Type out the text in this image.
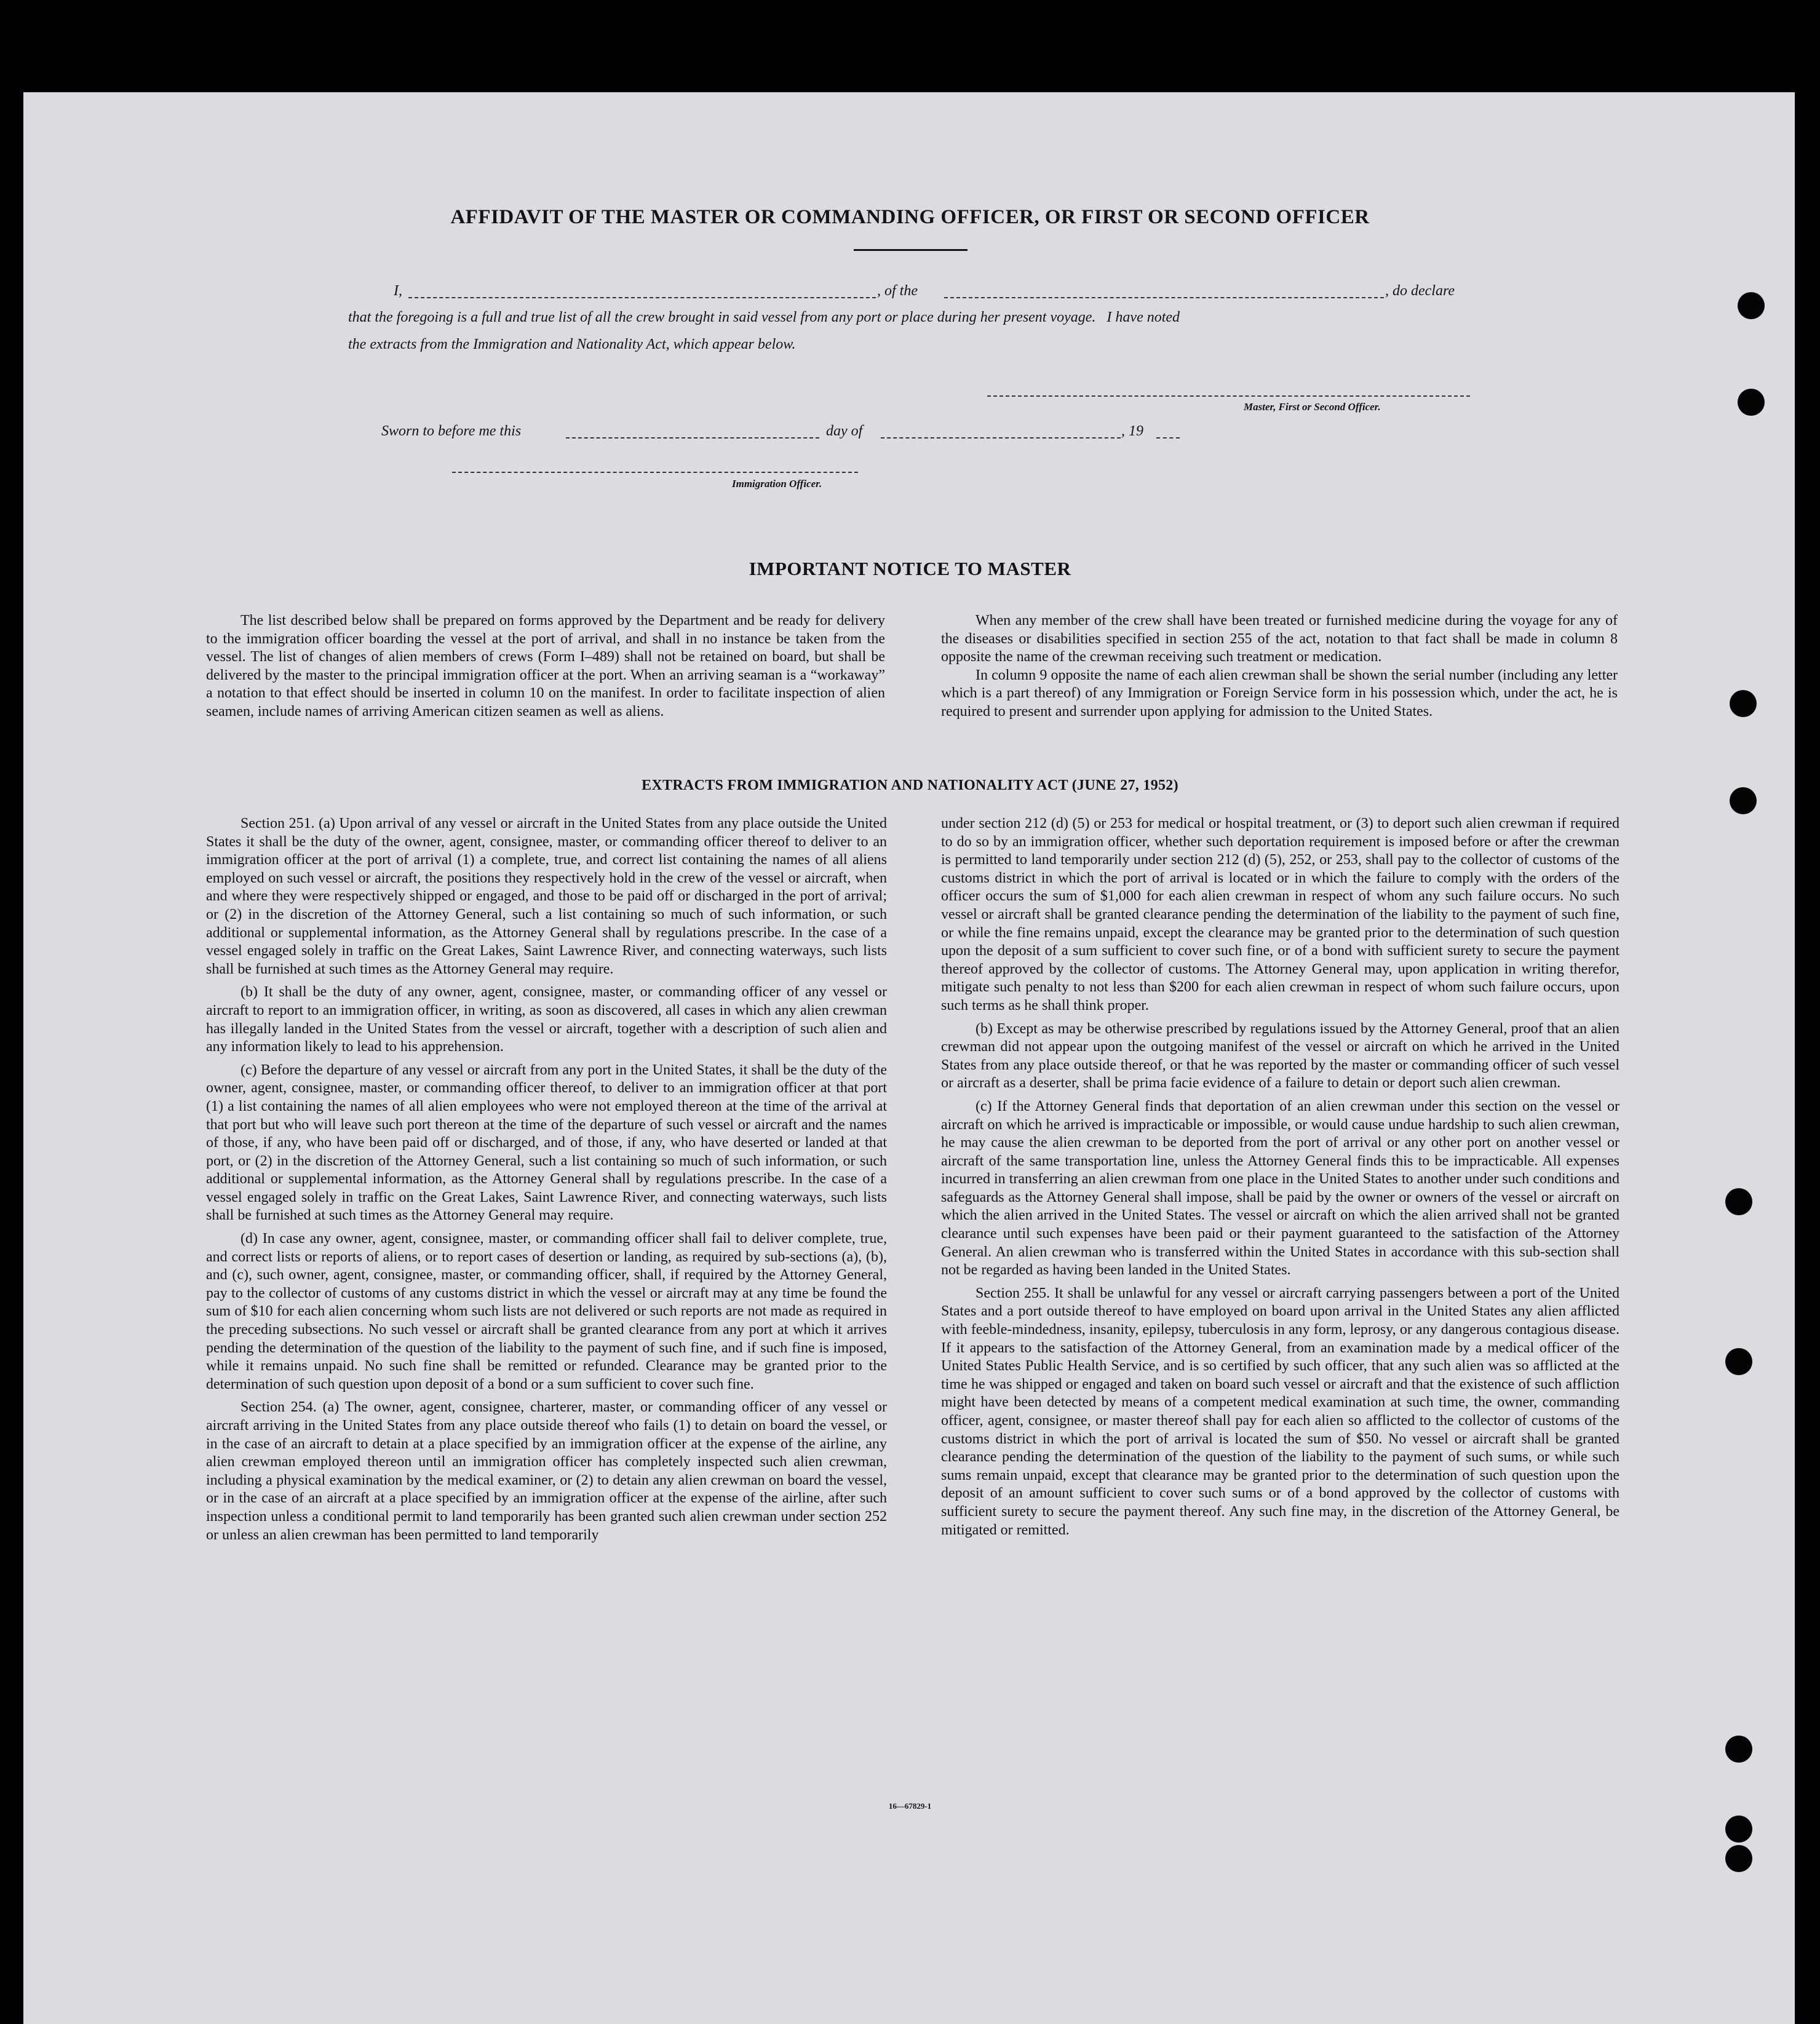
AFFIDAVIT OF THE MASTER OR COMMANDING OFFICER, OR FIRST OR SECOND OFFICER
I,	, of the	, do declare
that the foregoing is a full and true list of all the crew brought in said vessel from any port or place during her present voyage.   I have noted
the extracts from the Immigration and Nationality Act, which appear below.
Master, First or Second Officer.
Sworn to before me this	day of	, 19
Immigration Officer.
IMPORTANT NOTICE TO MASTER

The list described below shall be prepared on forms approved by the Department and be ready for delivery to the immigration officer boarding the vessel at the port of arrival, and shall in no instance be taken from the vessel. The list of changes of alien members of crews (Form I–489) shall not be retained on board, but shall be delivered by the master to the principal immigration officer at the port. When an arriving seaman is a “workaway” a notation to that effect should be inserted in column 10 on the manifest. In order to facilitate inspection of alien seamen, include names of arriving American citizen seamen as well as aliens.

When any member of the crew shall have been treated or furnished medicine during the voyage for any of the diseases or disabilities specified in section 255 of the act, notation to that fact shall be made in column 8 opposite the name of the crewman receiving such treatment or medication.

In column 9 opposite the name of each alien crewman shall be shown the serial number (including any letter which is a part thereof) of any Immigration or Foreign Service form in his possession which, under the act, he is required to present and surrender upon applying for admission to the United States.

EXTRACTS FROM IMMIGRATION AND NATIONALITY ACT (JUNE 27, 1952)

Section 251. (a) Upon arrival of any vessel or aircraft in the United States from any place outside the United States it shall be the duty of the owner, agent, consignee, master, or commanding officer thereof to deliver to an immigration officer at the port of arrival (1) a complete, true, and correct list containing the names of all aliens employed on such vessel or aircraft, the positions they respectively hold in the crew of the vessel or aircraft, when and where they were respectively shipped or engaged, and those to be paid off or discharged in the port of arrival; or (2) in the discretion of the Attorney General, such a list containing so much of such information, or such additional or supplemental information, as the Attorney General shall by regulations prescribe. In the case of a vessel engaged solely in traffic on the Great Lakes, Saint Lawrence River, and connecting waterways, such lists shall be furnished at such times as the Attorney General may require.

(b) It shall be the duty of any owner, agent, consignee, master, or commanding officer of any vessel or aircraft to report to an immigration officer, in writing, as soon as discovered, all cases in which any alien crewman has illegally landed in the United States from the vessel or aircraft, together with a description of such alien and any information likely to lead to his apprehension.

(c) Before the departure of any vessel or aircraft from any port in the United States, it shall be the duty of the owner, agent, consignee, master, or commanding officer thereof, to deliver to an immigration officer at that port (1) a list containing the names of all alien employees who were not employed thereon at the time of the arrival at that port but who will leave such port thereon at the time of the departure of such vessel or aircraft and the names of those, if any, who have been paid off or discharged, and of those, if any, who have deserted or landed at that port, or (2) in the discretion of the Attorney General, such a list containing so much of such information, or such additional or supplemental information, as the Attorney General shall by regulations prescribe. In the case of a vessel engaged solely in traffic on the Great Lakes, Saint Lawrence River, and connecting waterways, such lists shall be furnished at such times as the Attorney General may require.

(d) In case any owner, agent, consignee, master, or commanding officer shall fail to deliver complete, true, and correct lists or reports of aliens, or to report cases of desertion or landing, as required by sub-sections (a), (b), and (c), such owner, agent, consignee, master, or commanding officer, shall, if required by the Attorney General, pay to the collector of customs of any customs district in which the vessel or aircraft may at any time be found the sum of $10 for each alien concerning whom such lists are not delivered or such reports are not made as required in the preceding subsections. No such vessel or aircraft shall be granted clearance from any port at which it arrives pending the determination of the question of the liability to the payment of such fine, and if such fine is imposed, while it remains unpaid. No such fine shall be remitted or refunded. Clearance may be granted prior to the determination of such question upon deposit of a bond or a sum sufficient to cover such fine.

Section 254. (a) The owner, agent, consignee, charterer, master, or commanding officer of any vessel or aircraft arriving in the United States from any place outside thereof who fails (1) to detain on board the vessel, or in the case of an aircraft to detain at a place specified by an immigration officer at the expense of the airline, any alien crewman employed thereon until an immigration officer has completely inspected such alien crewman, including a physical examination by the medical examiner, or (2) to detain any alien crewman on board the vessel, or in the case of an aircraft at a place specified by an immigration officer at the expense of the airline, after such inspection unless a conditional permit to land temporarily has been granted such alien crewman under section 252 or unless an alien crewman has been permitted to land temporarily

under section 212 (d) (5) or 253 for medical or hospital treatment, or (3) to deport such alien crewman if required to do so by an immigration officer, whether such deportation requirement is imposed before or after the crewman is permitted to land temporarily under section 212 (d) (5), 252, or 253, shall pay to the collector of customs of the customs district in which the port of arrival is located or in which the failure to comply with the orders of the officer occurs the sum of $1,000 for each alien crewman in respect of whom any such failure occurs. No such vessel or aircraft shall be granted clearance pending the determination of the liability to the payment of such fine, or while the fine remains unpaid, except the clearance may be granted prior to the determination of such question upon the deposit of a sum sufficient to cover such fine, or of a bond with sufficient surety to secure the payment thereof approved by the collector of customs. The Attorney General may, upon application in writing therefor, mitigate such penalty to not less than $200 for each alien crewman in respect of whom such failure occurs, upon such terms as he shall think proper.

(b) Except as may be otherwise prescribed by regulations issued by the Attorney General, proof that an alien crewman did not appear upon the outgoing manifest of the vessel or aircraft on which he arrived in the United States from any place outside thereof, or that he was reported by the master or commanding officer of such vessel or aircraft as a deserter, shall be prima facie evidence of a failure to detain or deport such alien crewman.

(c) If the Attorney General finds that deportation of an alien crewman under this section on the vessel or aircraft on which he arrived is impracticable or impossible, or would cause undue hardship to such alien crewman, he may cause the alien crewman to be deported from the port of arrival or any other port on another vessel or aircraft of the same transportation line, unless the Attorney General finds this to be impracticable. All expenses incurred in transferring an alien crewman from one place in the United States to another under such conditions and safeguards as the Attorney General shall impose, shall be paid by the owner or owners of the vessel or aircraft on which the alien arrived in the United States. The vessel or aircraft on which the alien arrived shall not be granted clearance until such expenses have been paid or their payment guaranteed to the satisfaction of the Attorney General. An alien crewman who is transferred within the United States in accordance with this sub-section shall not be regarded as having been landed in the United States.

Section 255. It shall be unlawful for any vessel or aircraft carrying passengers between a port of the United States and a port outside thereof to have employed on board upon arrival in the United States any alien afflicted with feeble-mindedness, insanity, epilepsy, tuberculosis in any form, leprosy, or any dangerous contagious disease. If it appears to the satisfaction of the Attorney General, from an examination made by a medical officer of the United States Public Health Service, and is so certified by such officer, that any such alien was so afflicted at the time he was shipped or engaged and taken on board such vessel or aircraft and that the existence of such affliction might have been detected by means of a competent medical examination at such time, the owner, commanding officer, agent, consignee, or master thereof shall pay for each alien so afflicted to the collector of customs of the customs district in which the port of arrival is located the sum of $50. No vessel or aircraft shall be granted clearance pending the determination of the question of the liability to the payment of such sums, or while such sums remain unpaid, except that clearance may be granted prior to the determination of such question upon the deposit of an amount sufficient to cover such sums or of a bond approved by the collector of customs with sufficient surety to secure the payment thereof. Any such fine may, in the discretion of the Attorney General, be mitigated or remitted.

16—67829-1
